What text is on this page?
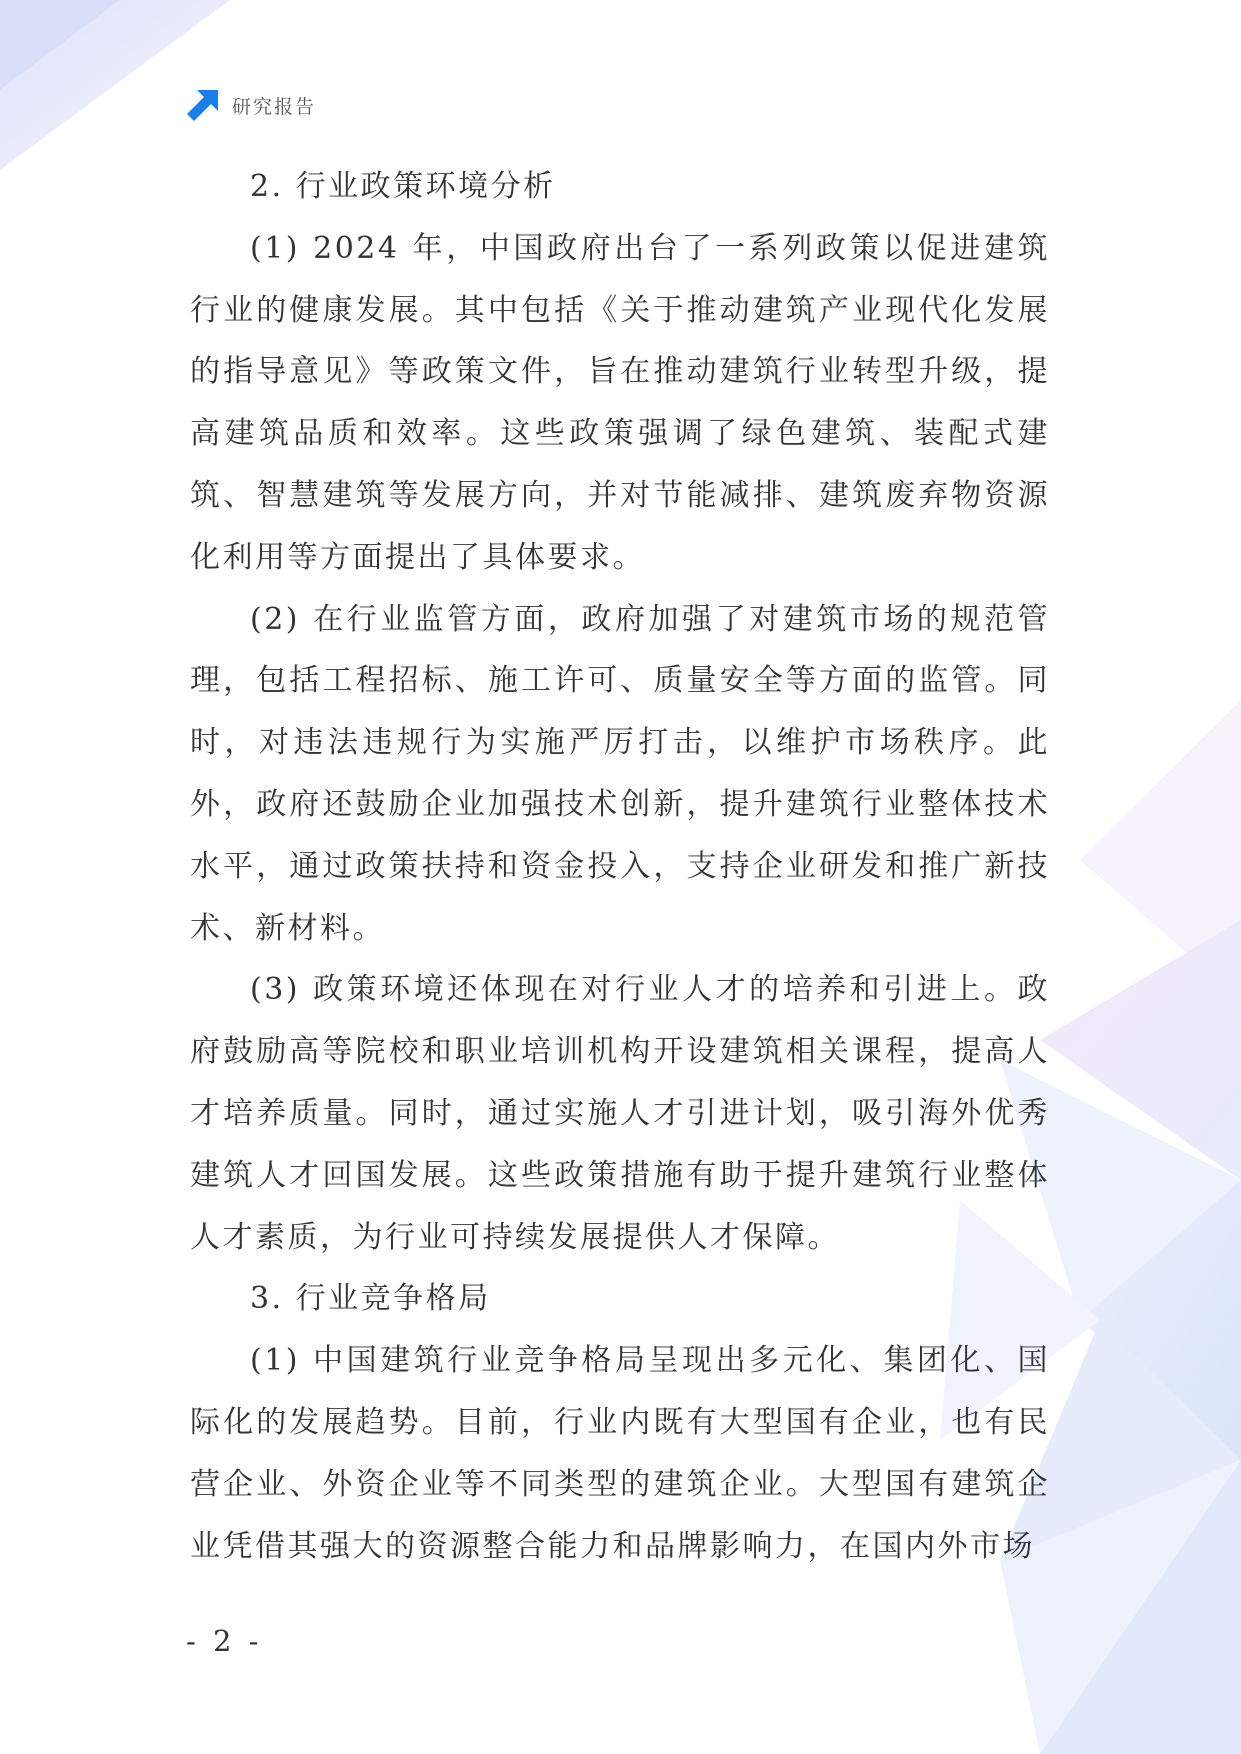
研究报告

2. 行业政策环境分析

(1) 2024 年，中国政府出台了一系列政策以促进建筑行业的健康发展。其中包括《关于推动建筑产业现代化发展的指导意见》等政策文件，旨在推动建筑行业转型升级，提高建筑品质和效率。这些政策强调了绿色建筑、装配式建筑、智慧建筑等发展方向，并对节能减排、建筑废弃物资源化利用等方面提出了具体要求。

(2) 在行业监管方面，政府加强了对建筑市场的规范管理，包括工程招标、施工许可、质量安全等方面的监管。同时，对违法违规行为实施严厉打击，以维护市场秩序。此外，政府还鼓励企业加强技术创新，提升建筑行业整体技术水平，通过政策扶持和资金投入，支持企业研发和推广新技术、新材料。

(3) 政策环境还体现在对行业人才的培养和引进上。政府鼓励高等院校和职业培训机构开设建筑相关课程，提高人才培养质量。同时，通过实施人才引进计划，吸引海外优秀建筑人才回国发展。这些政策措施有助于提升建筑行业整体人才素质，为行业可持续发展提供人才保障。

3. 行业竞争格局

(1) 中国建筑行业竞争格局呈现出多元化、集团化、国际化的发展趋势。目前，行业内既有大型国有企业，也有民营企业、外资企业等不同类型的建筑企业。大型国有建筑企业凭借其强大的资源整合能力和品牌影响力，在国内外市场

- 2 -
